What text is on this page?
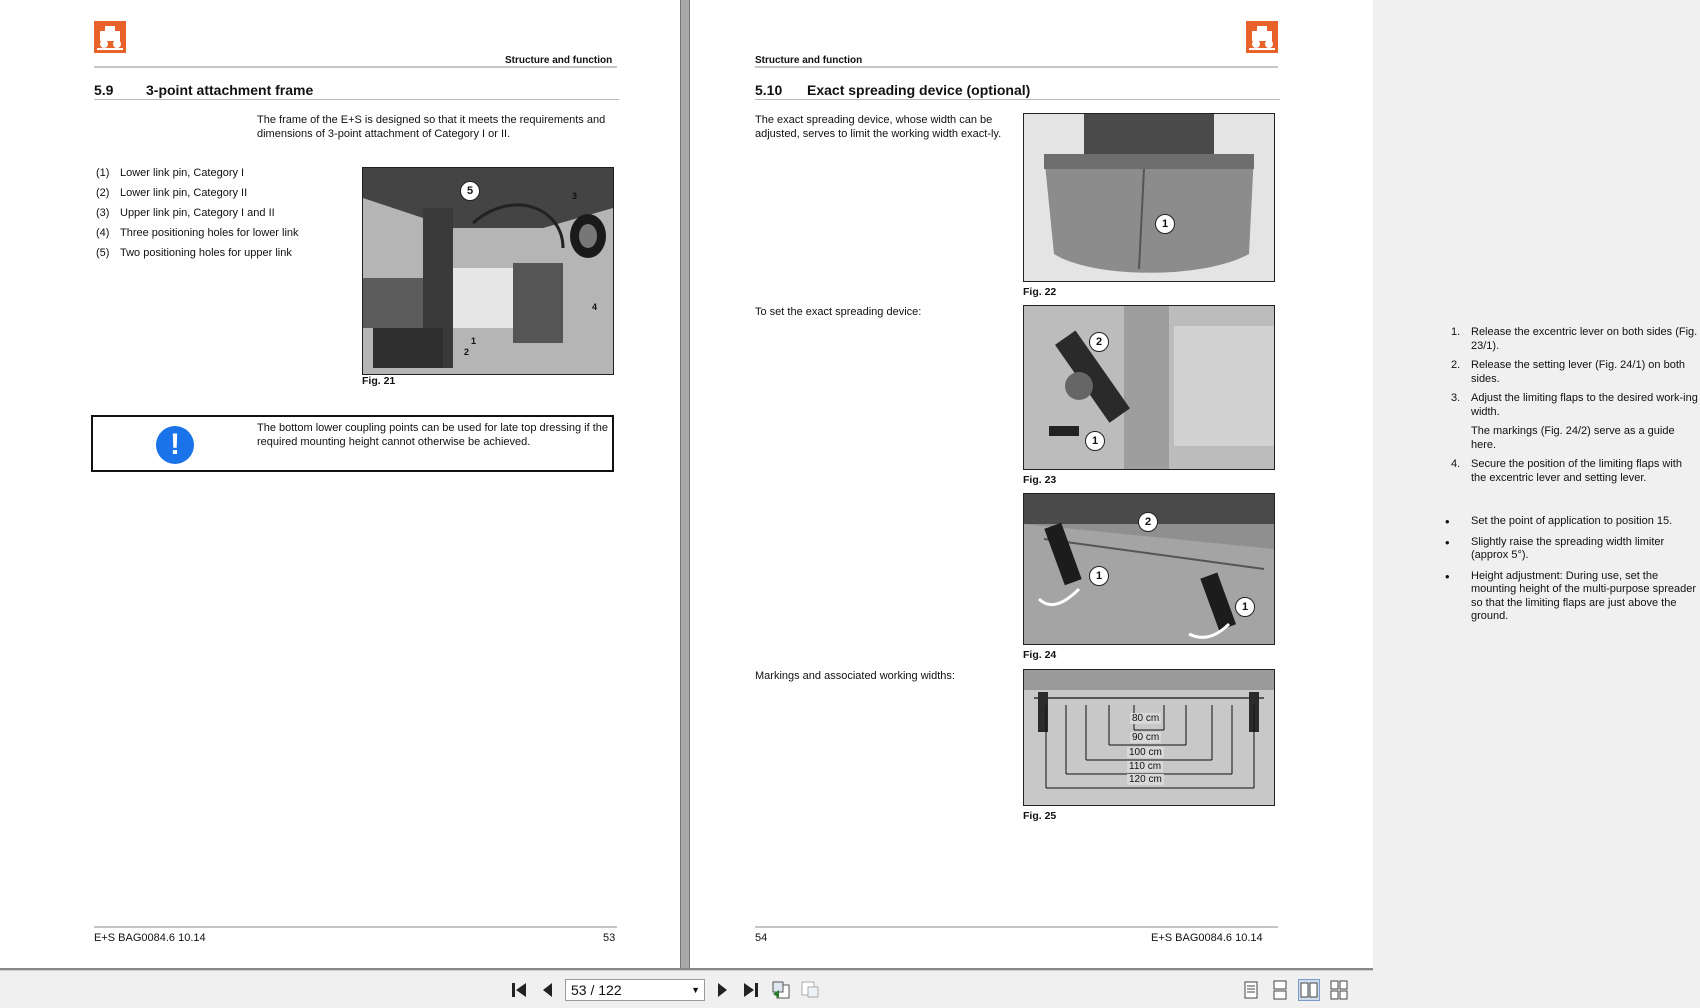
Structure and function
5.9 3-point attachment frame
The frame of the E+S is designed so that it meets the requirements and dimensions of 3-point attachment of Category I or II.
(1) Lower link pin, Category I
(2) Lower link pin, Category II
(3) Upper link pin, Category I and II
(4) Three positioning holes for lower link
(5) Two positioning holes for upper link
5	3
4
1
2
Fig. 21
!	The bottom lower coupling points can be used for late top dressing if the required mounting height cannot otherwise be achieved.
E+S BAG0084.6 10.14	53
Structure and function
5.10 Exact spreading device (optional)
The exact spreading device, whose width can be adjusted, serves to limit the working width exact-ly.
1
Fig. 22
To set the exact spreading device:
1. Release the excentric lever on both sides (Fig. 23/1).
2. Release the setting lever (Fig. 24/1) on both sides.
3. Adjust the limiting flaps to the desired work-ing width.
The markings (Fig. 24/2) serve as a guide here.
4. Secure the position of the limiting flaps with the excentric lever and setting lever.
2
1
Fig. 23
• Set the point of application to position 15.
• Slightly raise the spreading width limiter (approx 5°).
• Height adjustment: During use, set the mounting height of the multi-purpose spreader so that the limiting flaps are just above the ground.
2
1
1
Fig. 24
Markings and associated working widths:
80 cm
90 cm
100 cm
110 cm
120 cm
Fig. 25
54	E+S BAG0084.6 10.14
53 / 122	▼
